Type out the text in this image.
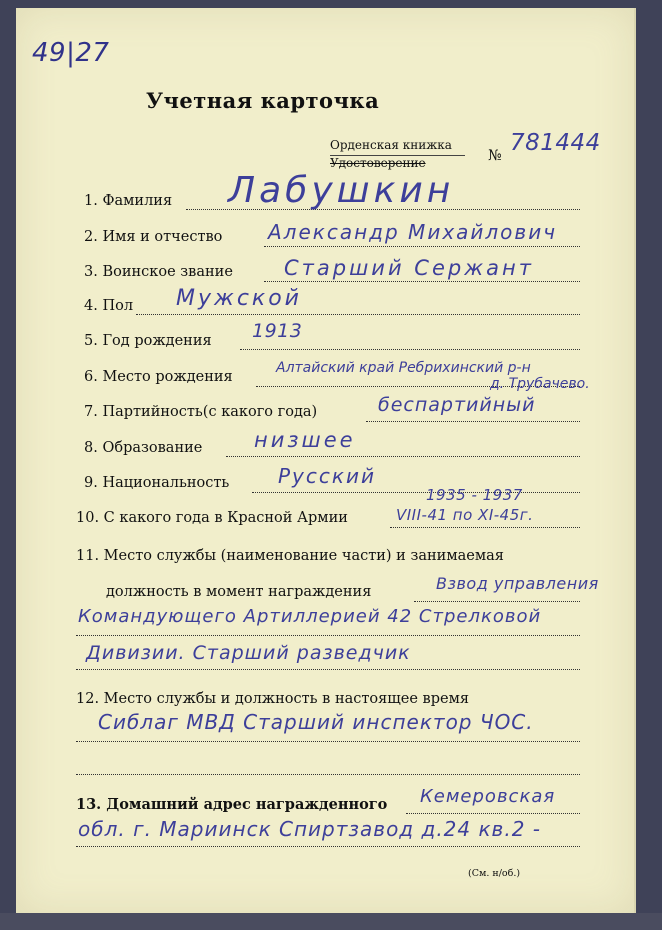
49|27
Учетная карточка
Орденская книжка
Удостоверение	№ 781444
1. Фамилия Лабушкин
2. Имя и отчество Александр Михайлович
3. Воинское звание Старший Сержант
4. Пол Мужской
5. Год рождения 1913
6. Место рождения
Алтайский край Ребрихинский р-н
д. Трубачево.
7. Партийность(с какого года)	беспартийный
8. Образование низшее
9. Национальность Русский
10. С какого года в Красной Армии
1935 - 1937
VIII-41 по XI-45г.
11. Место службы (наименование части) и занимаемая
должность в момент награждения	Взвод управления
Командующего Артиллерией 42 Стрелковой
Дивизии. Старший разведчик
12. Место службы и должность в настоящее время
Сиблаг МВД Старший инспектор ЧОС.
13. Домашний адрес награжденного Кемеровская
обл. г. Мариинск Спиртзавод д.24 кв.2 -
(См. н/об.)
